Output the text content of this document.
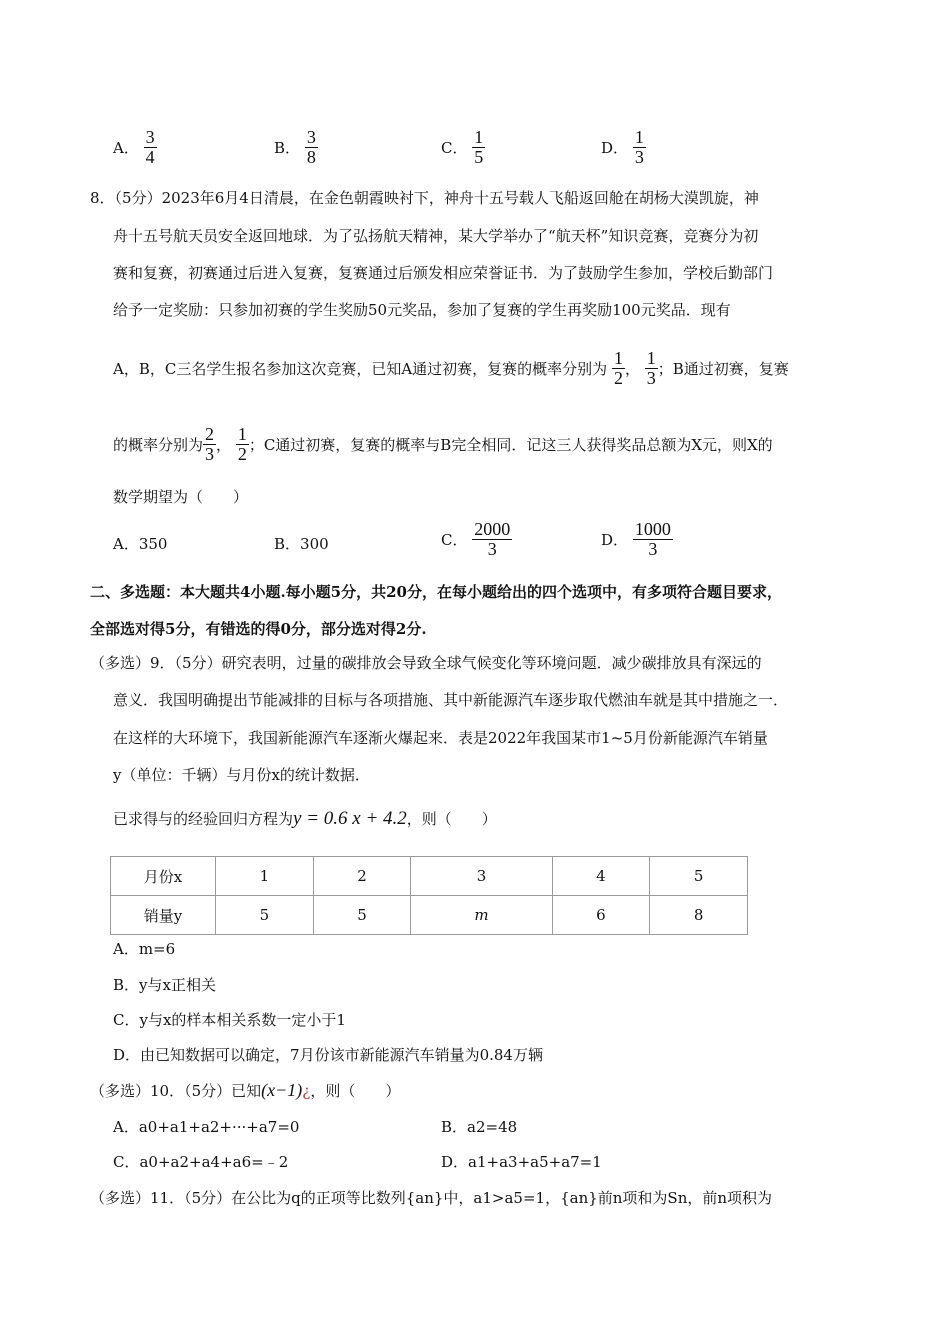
A． $\frac{3}{4}$	B． $\frac{3}{8}$	C． $\frac{1}{5}$	D． $\frac{1}{3}$
8．（5分）2023年6月4日清晨，在金色朝霞映衬下，神舟十五号载人飞船返回舱在胡杨大漠凯旋，神
舟十五号航天员安全返回地球．为了弘扬航天精神，某大学举办了“航天杯”知识竞赛，竞赛分为初
赛和复赛，初赛通过后进入复赛，复赛通过后颁发相应荣誉证书．为了鼓励学生参加，学校后勤部门
给予一定奖励：只参加初赛的学生奖励50元奖品，参加了复赛的学生再奖励100元奖品．现有
A，B，C三名学生报名参加这次竞赛，已知A通过初赛，复赛的概率分别为 $\frac{1}{2}$ ， $\frac{1}{3}$ ；B通过初赛，复赛
的概率分别为 $\frac{2}{3}$ ， $\frac{1}{2}$ ；C通过初赛，复赛的概率与B完全相同．记这三人获得奖品总额为X元，则X的
数学期望为（　　）
A．350	B．300	C． $\frac{2000}{3}$	D． $\frac{1000}{3}$
二、多选题：本大题共4小题.每小题5分，共20分，在每小题给出的四个选项中，有多项符合题目要求，
全部选对得5分，有错选的得0分，部分选对得2分.
（多选）9．（5分）研究表明，过量的碳排放会导致全球气候变化等环境问题．减少碳排放具有深远的
意义．我国明确提出节能减排的目标与各项措施、其中新能源汽车逐步取代燃油车就是其中措施之一．
在这样的大环境下，我国新能源汽车逐渐火爆起来．表是2022年我国某市1~5月份新能源汽车销量
y（单位：千辆）与月份x的统计数据．
已求得与的经验回归方程为y = 0.6 x + 4.2，则（　　）
月份x	1	2	3	4	5
销量y	5	5	m	6	8
A．m=6
B．y与x正相关
C．y与x的样本相关系数一定小于1
D．由已知数据可以确定，7月份该市新能源汽车销量为0.84万辆
（多选）10．（5分）已知(x−1)¿，则（　　）
A．a0+a1+a2+···+a7=0	B．a2=48
C．a0+a2+a4+a6=﹣2	D．a1+a3+a5+a7=1
（多选）11．（5分）在公比为q的正项等比数列{an}中，a1>a5=1，{an}前n项和为Sn，前n项积为
